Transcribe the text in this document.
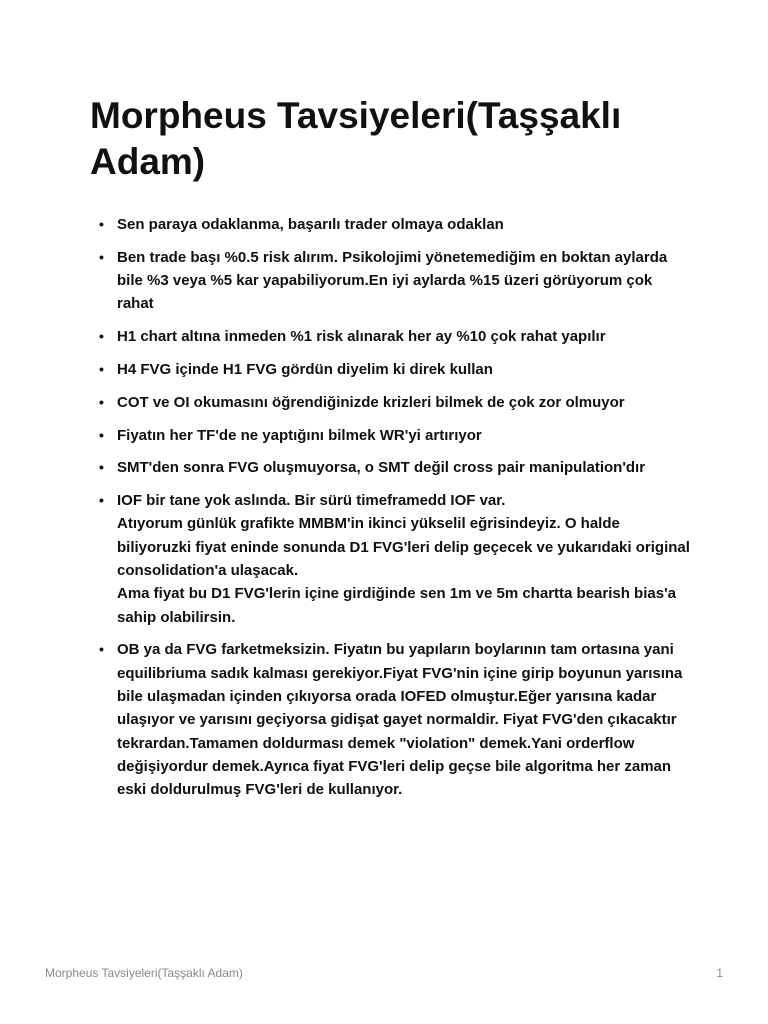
Morpheus Tavsiyeleri(Taşşaklı Adam)
• Sen paraya odaklanma, başarılı trader olmaya odaklan
• Ben trade başı %0.5 risk alırım. Psikolojimi yönetemediğim en boktan aylarda bile %3 veya %5 kar yapabiliyorum.En iyi aylarda %15 üzeri görüyorum çok rahat
• H1 chart altına inmeden %1 risk alınarak her ay %10 çok rahat yapılır
• H4 FVG içinde H1 FVG gördün diyelim ki direk kullan
• COT ve OI okumasını öğrendiğinizde krizleri bilmek de çok zor olmuyor
• Fiyatın her TF'de ne yaptığını bilmek WR'yi artırıyor
• SMT'den sonra FVG oluşmuyorsa, o SMT değil cross pair manipulation'dır
• IOF bir tane yok aslında. Bir sürü timeframedd IOF var.
Atıyorum günlük grafikte MMBM'in ikinci yükselil eğrisindeyiz. O halde biliyoruzki fiyat eninde sonunda D1 FVG'leri delip geçecek ve yukarıdaki original consolidation'a ulaşacak.
Ama fiyat bu D1 FVG'lerin içine girdiğinde sen 1m ve 5m chartta bearish bias'a sahip olabilirsin.
• OB ya da FVG farketmeksizin. Fiyatın bu yapıların boylarının tam ortasına yani equilibriuma sadık kalması gerekiyor.Fiyat FVG'nin içine girip boyunun yarısına bile ulaşmadan içinden çıkıyorsa orada IOFED olmuştur.Eğer yarısına kadar ulaşıyor ve yarısını geçiyorsa gidişat gayet normaldir. Fiyat FVG'den çıkacaktır tekrardan.Tamamen doldurması demek "violation" demek.Yani orderflow değişiyordur demek.Ayrıca fiyat FVG'leri delip geçse bile algoritma her zaman eski doldurulmuş FVG'leri de kullanıyor.
Morpheus Tavsiyeleri(Taşşaklı Adam)	1
